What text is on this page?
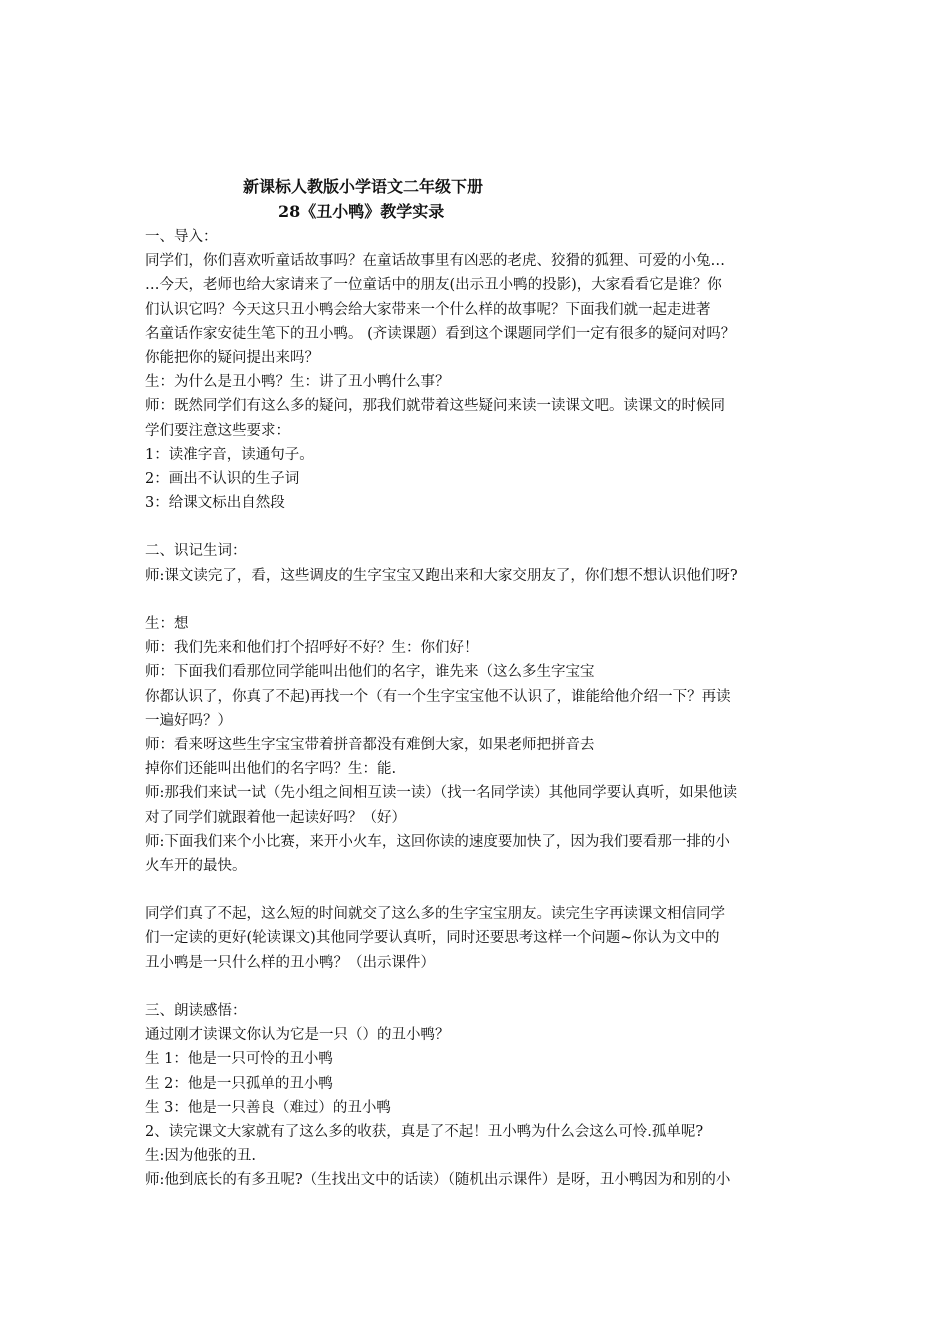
新课标人教版小学语文二年级下册
28《丑小鸭》教学实录
一、导入：
同学们，你们喜欢听童话故事吗？在童话故事里有凶恶的老虎、狡猾的狐狸、可爱的小兔…
…今天，老师也给大家请来了一位童话中的朋友(出示丑小鸭的投影)，大家看看它是谁？你
们认识它吗？今天这只丑小鸭会给大家带来一个什么样的故事呢？下面我们就一起走进著
名童话作家安徒生笔下的丑小鸭。 (齐读课题）看到这个课题同学们一定有很多的疑问对吗？
你能把你的疑问提出来吗？
生：为什么是丑小鸭？生：讲了丑小鸭什么事？
师：既然同学们有这么多的疑问，那我们就带着这些疑问来读一读课文吧。读课文的时候同
学们要注意这些要求：
1：读准字音，读通句子。
2：画出不认识的生子词
3：给课文标出自然段
二、识记生词：
师:课文读完了，看，这些调皮的生字宝宝又跑出来和大家交朋友了，你们想不想认识他们呀?
生：想
师：我们先来和他们打个招呼好不好？生：你们好！
师：下面我们看那位同学能叫出他们的名字，谁先来（这么多生字宝宝
你都认识了，你真了不起)再找一个（有一个生字宝宝他不认识了，谁能给他介绍一下？再读
一遍好吗？）
师：看来呀这些生字宝宝带着拼音都没有难倒大家，如果老师把拼音去
掉你们还能叫出他们的名字吗？生：能.
师:那我们来试一试（先小组之间相互读一读）（找一名同学读）其他同学要认真听，如果他读
对了同学们就跟着他一起读好吗？（好）
师:下面我们来个小比赛，来开小火车，这回你读的速度要加快了，因为我们要看那一排的小
火车开的最快。
同学们真了不起，这么短的时间就交了这么多的生字宝宝朋友。读完生字再读课文相信同学
们一定读的更好(轮读课文)其他同学要认真听，同时还要思考这样一个问题~你认为文中的
丑小鸭是一只什么样的丑小鸭？（出示课件）
三、朗读感悟：
通过刚才读课文你认为它是一只（）的丑小鸭？
生 1：他是一只可怜的丑小鸭
生 2：他是一只孤单的丑小鸭
生 3：他是一只善良（难过）的丑小鸭
2、读完课文大家就有了这么多的收获，真是了不起！丑小鸭为什么会这么可怜.孤单呢?
生:因为他张的丑.
师:他到底长的有多丑呢?（生找出文中的话读）（随机出示课件）是呀，丑小鸭因为和别的小
